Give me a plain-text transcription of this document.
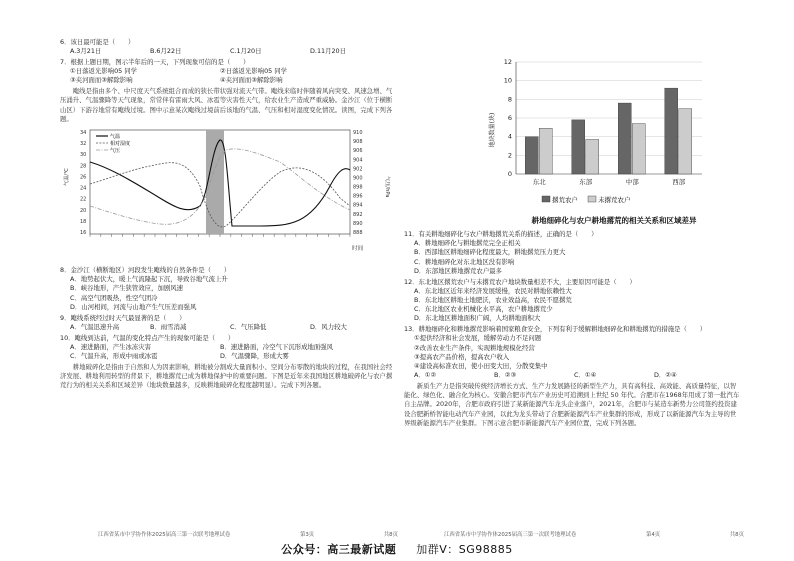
6．该日最可能是（　　）
A.3月21日	B.6月22日	C.1月20日	D.11月20日
7．根据上题日期，图示半年后的一天，下列现象可信的是（　　）
①日落返光影响05 同学	②日落返光影响05 同学
③夹河面而③解除影响	④夹河面而③解除影响
飑线是指由多个、中尺度天气系统组合而成的狭长带状强对流天气带。飑线来临时伴随着风向突变、风速急增、气压涌升、气温骤降等天气现象，常常伴有雷雨大风、冰雹等灾害性天气，给农业生产造成严重威胁。金沙江（位于横断山区）下游谷地常有飑线过境。图中示意某次飑线过境前后该地的气温、气压和相对湿度变化情况。读图，完成下列各题。
34
32
30
28
26
24
22
20
18
16
910
908
906
904
902
900
898
896
894
892
890
888
气温/℃	气压/hPa
时间
气温
相对湿度
气压
8．金沙江（横断地区）河段发生飑线的自然条件是（　　）
A．地势起伏大，暖上气流隆起下沉，导致谷地气流上升
B．峡谷地形，产生狭管效应，加剧风速
C．高空气团吸热，性空气团冷
D．山河相间，河流与山地产生气压差而强风
9．飑线系统经过时天气最显著的是（　　）
A．气温迅速升高	B．雨雪消减	C．气压降低	D．风力较大
10．飑线到达前，气温的变化特点产生的现象可能是（　　）
A．速进路面，产生冰冻灾害	B．速进路面，冷空气下沉形成地面强风
C．气温升高，形成中雨或冰雹	D．气温骤降，形成大雾
耕地破碎化是指由于自然和人为因素影响，耕地被分割成大量面积小、空间分布零散的地块的过程，在我国社会经济发展、耕地利用转型的背景下，耕地撂荒已成为耕地保护中的重要问题。下图是近年来我国地区耕地破碎化与农户撂荒行为的相关关系和区域差异（地块数量越多，反映耕地破碎化程度越明显）。完成下列各题。
11．有关耕地细碎化与农户耕地撂荒关系的描述，正确的是（　　）
A．耕地细碎化与耕地撂荒完全正相关
B．西部地区耕地细碎化程度最大，耕地撂荒压力更大
C．耕地细碎化对东北地区没有影响
D．东部地区耕地撂荒农户最多
12．东北地区撂荒农户与未撂荒农户地块数量相差不大，主要原因可能是（　　）
A．东北地区近年来经济发展缓慢，农民对耕地依赖性大
B．东北地区耕地土地肥沃，农业效益高，农民不愿撂荒
C．东北地区农业机械化水平高，农户耕地撂荒少
D．东北地区耕地面积广阔，人均耕地面积大
13．耕地细碎化和耕地撂荒影响着国家粮食安全，下列有利于缓解耕地细碎化和耕地撂荒的措施是（　　）
①提供经济和社会发展，缓解劳动力不足问题
②改善农业生产条件，实现耕地规模化经营
③提高农产品价格，提高农户收入
④建设高标准农田，使小田变大田，分散变集中
A．①②	B．②③	C．①④	D．②④
新质生产力是指突破传统经济增长方式、生产力发展路径的新型生产力，具有高科技、高效能、高质量特征，以智能化、绿色化、融合化为核心。安徽合肥市汽车产业历史可追溯到上世纪 50 年代。合肥市在1968年用成了第一批汽车自主品牌。2020年，合肥市政府引进了某新能源汽车龙头企业落户，2021年，合肥市与某造车新势力公司签约投资建设合肥新桥智能电动汽车产业园，以此为龙头带动了合肥新能源汽车产业集群的形成，形成了以新能源汽车为主导的世界级新能源汽车产业集群。下图示意合肥市新能源汽车产业园位置，完成下列各题。
0
2
4
6
8
10
12
东北	东部	中部	西部
地块数量(块)
撂荒农户	未撂荒农户
耕地细碎化与农户耕地撂荒的相关关系和区域差异
江西省某市中学协作体2025届高三第一次联考地理试卷	第3页	共8页	江西省某市中学协作体2025届高三第一次联考地理试卷	第4页	共8页
公众号：高三最新试题 加群V：SG98885
